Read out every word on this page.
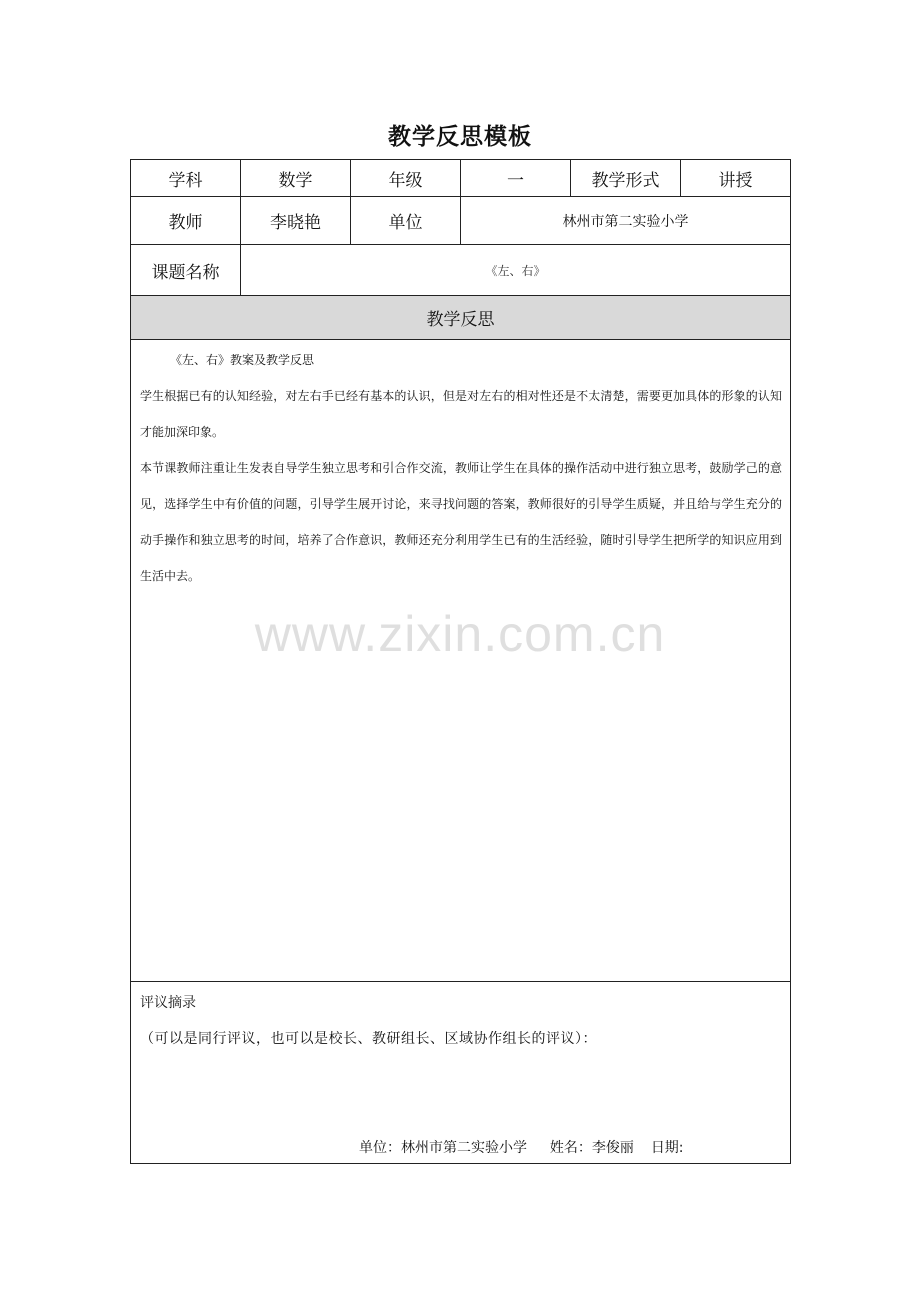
教学反思模板
学科	数学	年级	一	教学形式	讲授
教师	李晓艳	单位	林州市第二实验小学		
课题名称	《左、右》				
教学反思					

《左、右》教案及教学反思

学生根据已有的认知经验，对左右手已经有基本的认识，但是对左右的相对性还是不太清楚，需要更加具体的形象的认知才能加深印象。

本节课教师注重让生发表自导学生独立思考和引合作交流，教师让学生在具体的操作活动中进行独立思考，鼓励学己的意见，选择学生中有价值的问题，引导学生展开讨论，来寻找问题的答案，教师很好的引导学生质疑，并且给与学生充分的动手操作和独立思考的时间，培养了合作意识，教师还充分利用学生已有的生活经验，随时引导学生把所学的知识应用到生活中去。					

评议摘录
（可以是同行评议，也可以是校长、教研组长、区域协作组长的评议）：
单位：林州市第二实验小学 姓名：李俊丽 日期:					
www.zixin.com.cn
